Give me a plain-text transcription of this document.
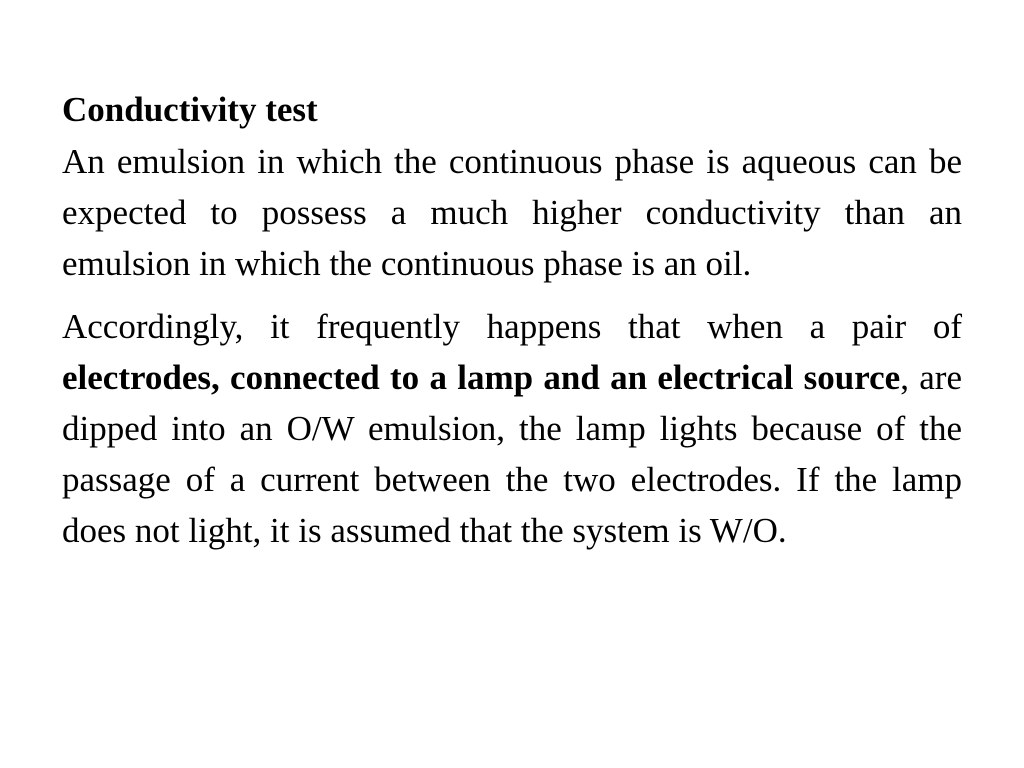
Conductivity test

An emulsion in which the continuous phase is aqueous can be expected to possess a much higher conductivity than an emulsion in which the continuous phase is an oil.

Accordingly, it frequently happens that when a pair of electrodes, connected to a lamp and an electrical source, are dipped into an O/W emulsion, the lamp lights because of the passage of a current between the two electrodes. If the lamp does not light, it is assumed that the system is W/O.
